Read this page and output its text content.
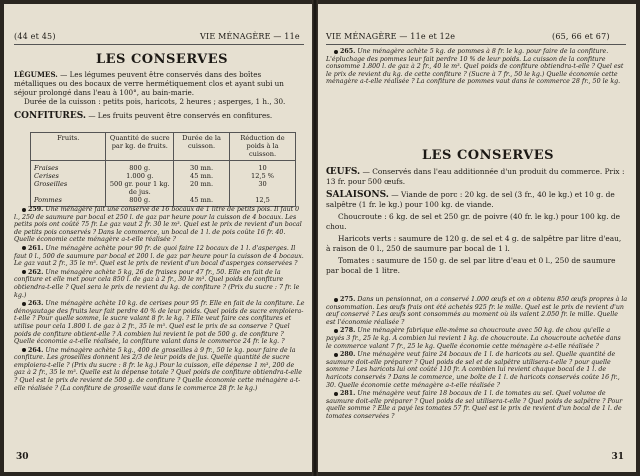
(44 et 45)	VIE MÉNAGÈRE — 11e
LES CONSERVES

LÉGUMES. — Les légumes peuvent être conservés dans des boîtes métalliques ou des bocaux de verre hermétiquement clos et ayant subi un séjour prolongé dans l'eau à 100°, au bain-marie.

Durée de la cuisson : petits pois, haricots, 2 heures ; asperges, 1 h., 30.

CONFITURES. — Les fruits peuvent être conservés en confitures.

Fruits.	Quantité de sucre par kg. de fruits.	Durée de la cuisson.	Réduction de poids à la cuisson.
Fraises	800 g.	30 mn.	10
Cerises	1.000 g.	45 mn.	12,5 %
Groseilles	500 gr. pour 1 kg. de jus.	20 mn.	30
Pommes	800 g.	45 mn.	12,5

259. Une ménagère fait une conserve de 16 bocaux de 1 litre de petits pois. Il faut 0 l., 250 de saumure par bocal et 250 l. de gaz par heure pour la cuisson de 4 bocaux. Les petits pois ont coûté 75 fr. Le gaz vaut 2 fr. 30 le m³. Quel est le prix de revient d'un bocal de petits pois conservés ? Dans le commerce, un bocal de 1 l. de pois coûte 16 fr. 40. Quelle économie cette ménagère a-t-elle réalisée ?

261. Une ménagère achète pour 90 fr. de quoi faire 12 bocaux de 1 l. d'asperges. Il faut 0 l., 500 de saumure par bocal et 200 l. de gaz par heure pour la cuisson de 4 bocaux. Le gaz vaut 2 fr., 35 le m³. Quel est le prix de revient d'un bocal d'asperges conservées ?

262. Une ménagère achète 5 kg, 26 de fraises pour 47 fr., 50. Elle en fait de la confiture et elle met pour cela 850 l. de gaz à 2 fr., 30 le m³. Quel poids de confiture obtiendra-t-elle ? Quel sera le prix de revient du kg. de confiture ? (Prix du sucre : 7 fr. le kg.)

263. Une ménagère achète 10 kg. de cerises pour 95 fr. Elle en fait de la confiture. Le dénoyautage des fruits leur fait perdre 40 % de leur poids. Quel poids de sucre emploiera-t-elle ? Pour quelle somme, le sucre valant 8 fr. le kg. ? Elle veut faire ces confitures et utilise pour cela 1.800 l. de gaz à 2 fr., 35 le m³. Quel est le prix de sa conserve ? Quel poids de confiture obtient-elle ? A combien lui revient le pot de 500 g. de confiture ? Quelle économie a-t-elle réalisée, la confiture valant dans le commerce 24 fr. le kg. ?

264. Une ménagère achète 5 kg., 400 de groseilles à 9 fr., 50 le kg. pour faire de la confiture. Les groseilles donnent les 2/3 de leur poids de jus. Quelle quantité de sucre emploiera-t-elle ? (Prix du sucre : 8 fr. le kg.) Pour la cuisson, elle dépense 1 m³, 200 de gaz à 2 fr., 35 le m³. Quelle est la dépense totale ? Quel poids de confiture obtiendra-t-elle ? Quel est le prix de revient de 500 g. de confiture ? Quelle économie cette ménagère a-t-elle réalisée ? (La confiture de groseille vaut dans le commerce 28 fr. le kg.)

30
VIE MÉNAGÈRE — 11e et 12e	(65, 66 et 67)

265. Une ménagère achète 5 kg. de pommes à 8 fr. le kg. pour faire de la confiture. L'épluchage des pommes leur fait perdre 10 % de leur poids. La cuisson de la confiture consomme 1.800 l. de gaz à 2 fr., 40 le m³. Quel poids de confiture obtiendra-t-elle ? Quel est le prix de revient du kg. de cette confiture ? (Sucre à 7 fr., 50 le kg.) Quelle économie cette ménagère a-t-elle réalisée ? La confiture de pommes vaut dans le commerce 28 fr., 50 le kg.

LES CONSERVES

ŒUFS. — Conservés dans l'eau additionnée d'un produit du commerce. Prix : 13 fr. pour 500 œufs.

SALAISONS. — Viande de porc : 20 kg. de sel (3 fr., 40 le kg.) et 10 g. de salpêtre (1 fr. le kg.) pour 100 kg. de viande.

Choucroute : 6 kg. de sel et 250 gr. de poivre (40 fr. le kg.) pour 100 kg. de chou.

Haricots verts : saumure de 120 g. de sel et 4 g. de salpêtre par litre d'eau, à raison de 0 l., 250 de saumure par bocal de 1 l.

Tomates : saumure de 150 g. de sel par litre d'eau et 0 l., 250 de saumure par bocal de 1 litre.

275. Dans un pensionnat, on a conservé 1.000 œufs et on a obtenu 850 œufs propres à la consommation. Les œufs frais ont été achetés 925 fr. le mille. Quel est le prix de revient d'un œuf conservé ? Les œufs sont consommés au moment où ils valent 2.050 fr. le mille. Quelle est l'économie réalisée ?

278. Une ménagère fabrique elle-même sa choucroute avec 50 kg. de chou qu'elle a payés 3 fr., 25 le kg. A combien lui revient 1 kg. de choucroute. La choucroute achetée dans le commerce valant 7 fr., 25 le kg. Quelle économie cette ménagère a-t-elle réalisée ?

280. Une ménagère veut faire 24 bocaux de 1 l. de haricots au sel. Quelle quantité de saumure doit-elle préparer ? Quel poids de sel et de salpêtre utilisera-t-elle ? pour quelle somme ? Les haricots lui ont coûté 110 fr. A combien lui revient chaque bocal de 1 l. de haricots conservés ? Dans le commerce, une boîte de 1 l. de haricots conservés coûte 16 fr., 30. Quelle économie cette ménagère a-t-elle réalisée ?

281. Une ménagère veut faire 18 bocaux de 1 l. de tomates au sel. Quel volume de saumure doit-elle préparer ? Quel poids de sel utilisera-t-elle ? Quel poids de salpêtre ? Pour quelle somme ? Elle a payé les tomates 57 fr. Quel est le prix de revient d'un bocal de 1 l. de tomates conservées ?

31
